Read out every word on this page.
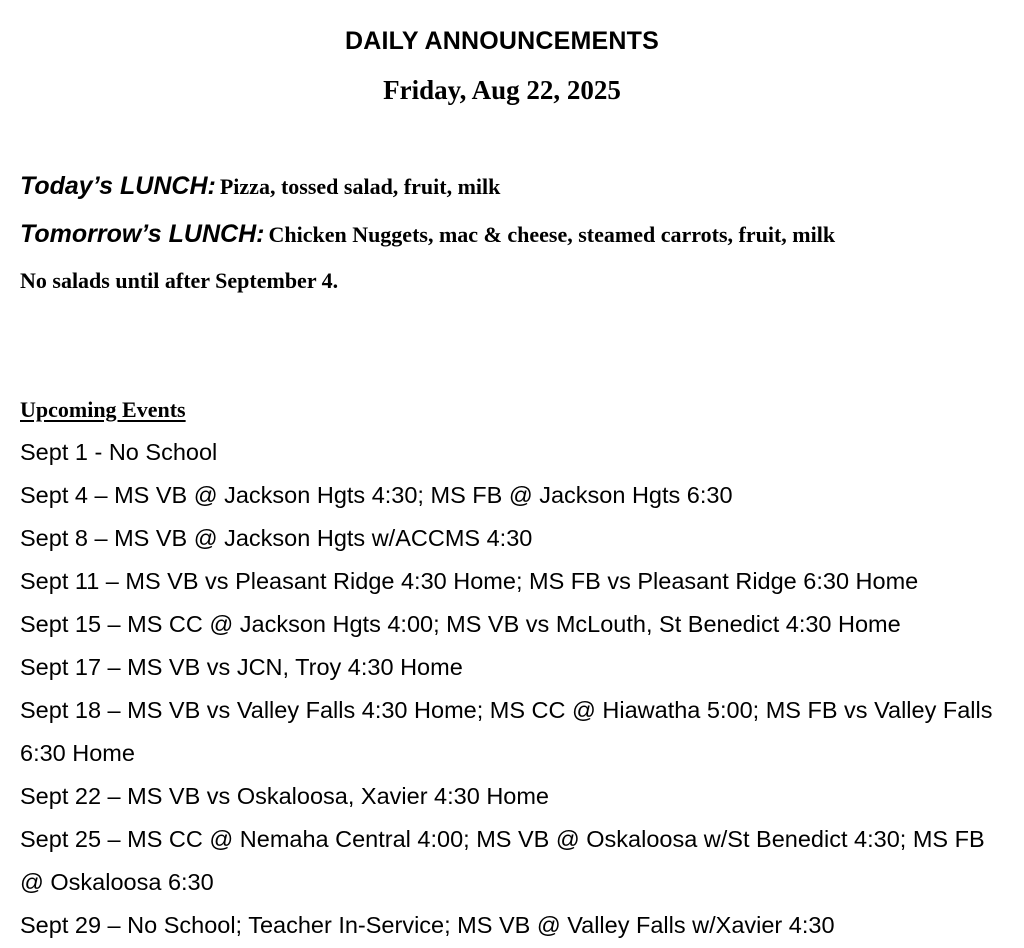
DAILY ANNOUNCEMENTS
Friday, Aug 22, 2025
Today’s LUNCH: Pizza, tossed salad, fruit, milk
Tomorrow’s LUNCH: Chicken Nuggets, mac & cheese, steamed carrots, fruit, milk
No salads until after September 4.
Upcoming Events
Sept 1 - No School
Sept 4 – MS VB @ Jackson Hgts 4:30; MS FB @ Jackson Hgts 6:30
Sept 8 – MS VB @ Jackson Hgts w/ACCMS 4:30
Sept 11 – MS VB vs Pleasant Ridge 4:30 Home; MS FB vs Pleasant Ridge 6:30 Home
Sept 15 – MS CC @ Jackson Hgts 4:00; MS VB vs McLouth, St Benedict 4:30 Home
Sept 17 – MS VB vs JCN, Troy 4:30 Home
Sept 18 – MS VB vs Valley Falls 4:30 Home; MS CC @ Hiawatha 5:00; MS FB vs Valley Falls 6:30 Home
Sept 22 – MS VB vs Oskaloosa, Xavier 4:30 Home
Sept 25 – MS CC @ Nemaha Central 4:00; MS VB @ Oskaloosa w/St Benedict 4:30; MS FB @ Oskaloosa 6:30
Sept 29 – No School; Teacher In-Service; MS VB @ Valley Falls w/Xavier 4:30
